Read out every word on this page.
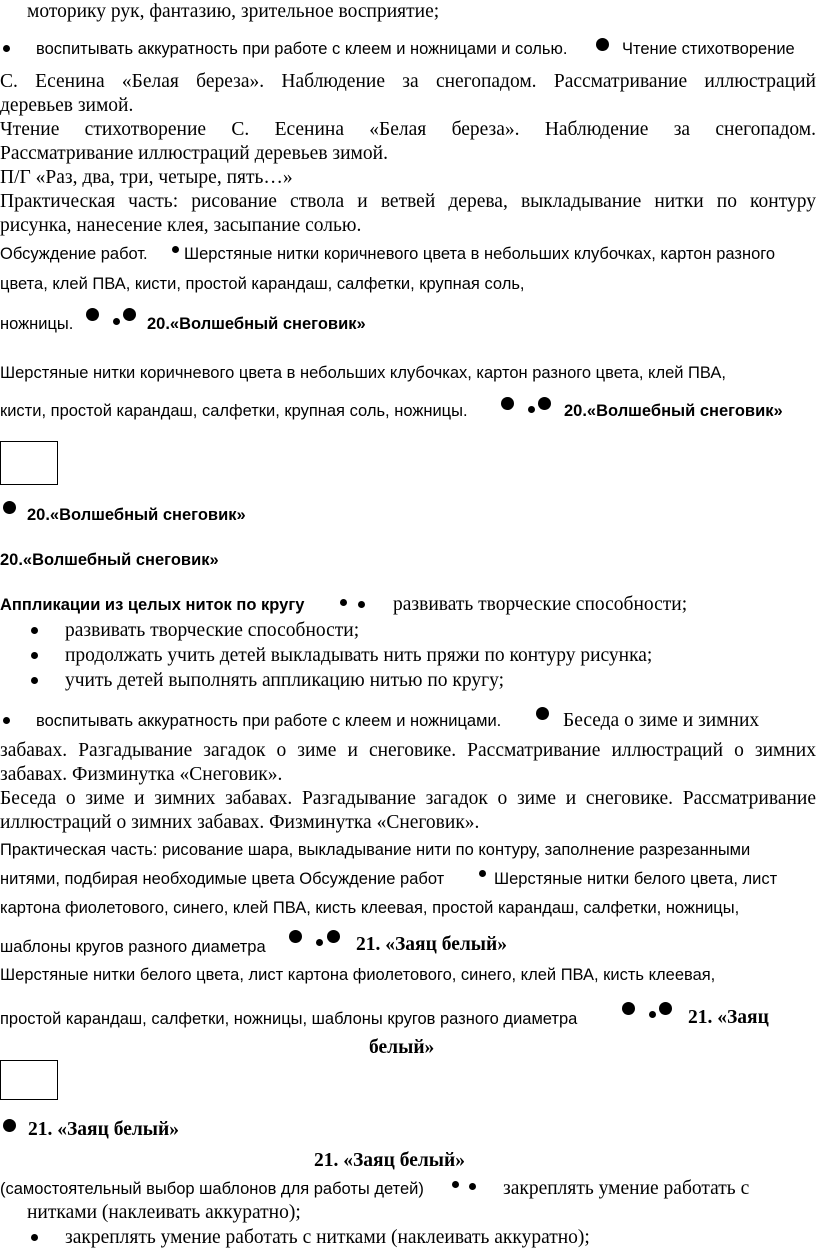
моторику рук, фантазию, зрительное восприятие;
воспитывать аккуратность при работе с клеем и ножницами и солью.	Чтение стихотворение
С. Есенина «Белая береза». Наблюдение за снегопадом. Рассматривание иллюстраций
деревьев зимой.
Чтение стихотворение С. Есенина «Белая береза». Наблюдение за снегопадом.
Рассматривание иллюстраций деревьев зимой.
П/Г «Раз, два, три, четыре, пять…»
Практическая часть: рисование ствола и ветвей дерева, выкладывание нитки по контуру
рисунка, нанесение клея, засыпание солью.
Обсуждение работ. Шерстяные нитки коричневого цвета в небольших клубочках, картон разного
цвета, клей ПВА, кисти, простой карандаш, салфетки, крупная соль,
ножницы.	20.«Волшебный снеговик»
Шерстяные нитки коричневого цвета в небольших клубочках, картон разного цвета, клей ПВА,
кисти, простой карандаш, салфетки, крупная соль, ножницы.	20.«Волшебный снеговик»
20.«Волшебный снеговик»
20.«Волшебный снеговик»
Аппликации из целых ниток по кругу	развивать творческие способности;
развивать творческие способности;
продолжать учить детей выкладывать нить пряжи по контуру рисунка;
учить детей выполнять аппликацию нитью по кругу;
воспитывать аккуратность при работе с клеем и ножницами.	Беседа о зиме и зимних
забавах. Разгадывание загадок о зиме и снеговике. Рассматривание иллюстраций о зимних
забавах. Физминутка «Снеговик».
Беседа о зиме и зимних забавах. Разгадывание загадок о зиме и снеговике. Рассматривание
иллюстраций о зимних забавах. Физминутка «Снеговик».
Практическая часть: рисование шара, выкладывание нити по контуру, заполнение разрезанными
нитями, подбирая необходимые цвета Обсуждение работ	Шерстяные нитки белого цвета, лист
картона фиолетового, синего, клей ПВА, кисть клеевая, простой карандаш, салфетки, ножницы,
шаблоны кругов разного диаметра	21. «Заяц белый»
Шерстяные нитки белого цвета, лист картона фиолетового, синего, клей ПВА, кисть клеевая,
простой карандаш, салфетки, ножницы, шаблоны кругов разного диаметра	21. «Заяц
белый»
21. «Заяц белый»
21. «Заяц белый»
(самостоятельный выбор шаблонов для работы детей)	закреплять умение работать с
нитками (наклеивать аккуратно);
закреплять умение работать с нитками (наклеивать аккуратно);
